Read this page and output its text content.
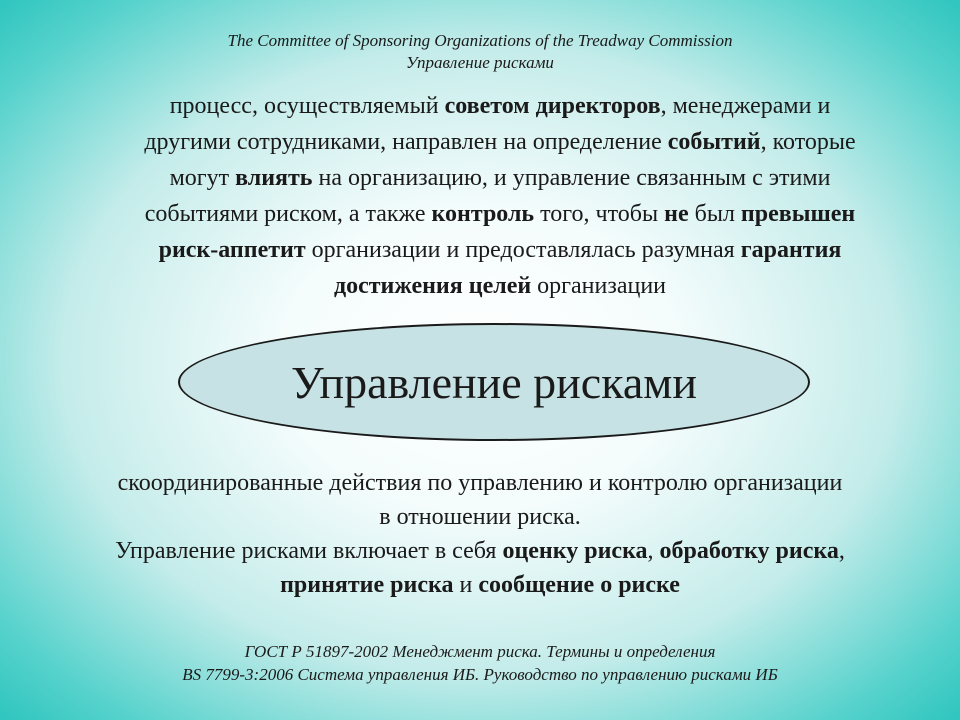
The Committee of Sponsoring Organizations of the Treadway Commission
Управление рисками
процесс, осуществляемый советом директоров, менеджерами и
другими сотрудниками, направлен на определение событий, которые
могут влиять на организацию, и управление связанным с этими
событиями риском, а также контроль того, чтобы не был превышен
риск-аппетит организации и предоставлялась разумная гарантия
достижения целей организации
Управление рисками
скоординированные действия по управлению и контролю организации
в отношении риска.
Управление рисками включает в себя оценку риска, обработку риска,
принятие риска и сообщение о риске
ГОСТ Р 51897-2002 Менеджмент риска. Термины и определения
BS 7799-3:2006 Система управления ИБ. Руководство по управлению рисками ИБ
